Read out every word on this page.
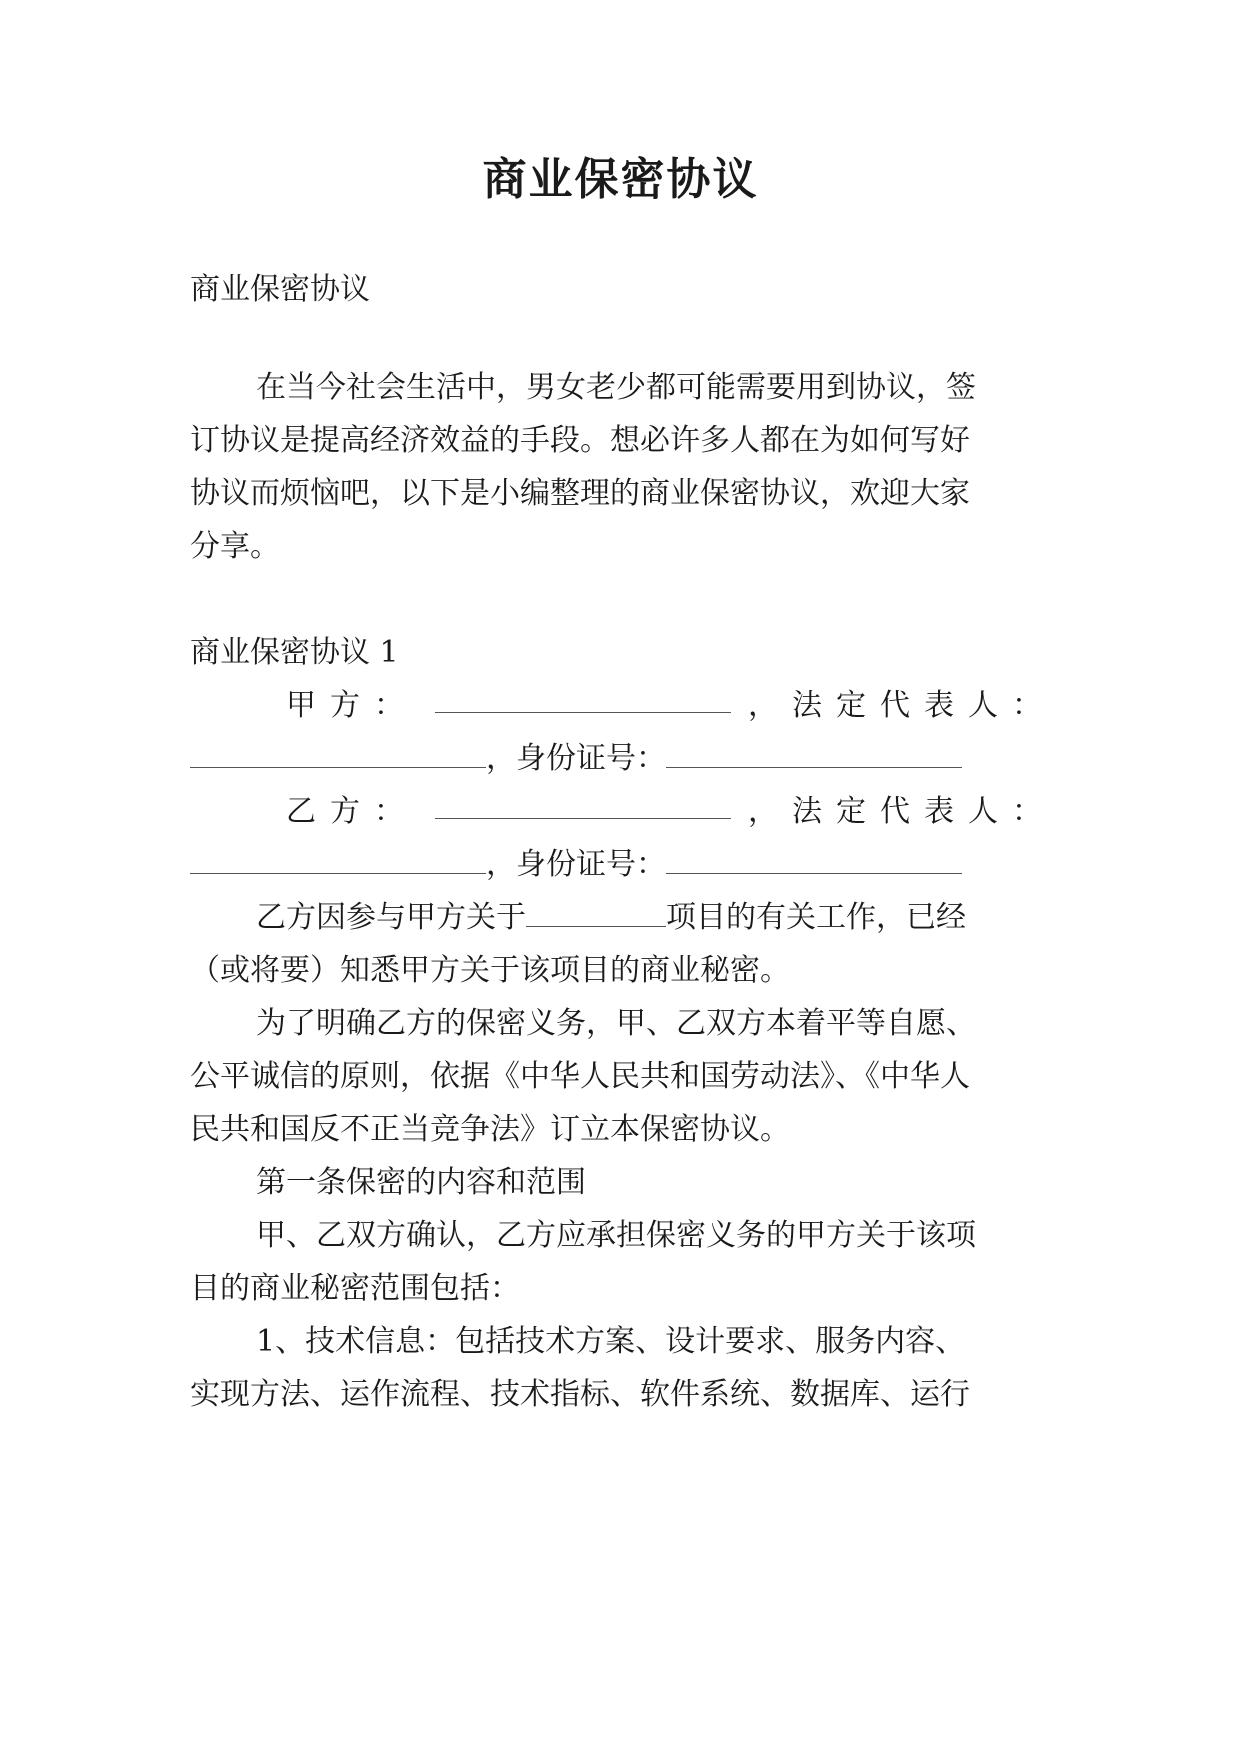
商业保密协议
商业保密协议
在当今社会生活中，男女老少都可能需要用到协议，签
订协议是提高经济效益的手段。想必许多人都在为如何写好
协议而烦恼吧，以下是小编整理的商业保密协议，欢迎大家
分享。
商业保密协议 1
甲方：	，法定代表人：
，身份证号：
乙方：	，法定代表人：
，身份证号：
乙方因参与甲方关于	项目的有关工作，已经
（或将要）知悉甲方关于该项目的商业秘密。
为了明确乙方的保密义务，甲、乙双方本着平等自愿、
公平诚信的原则，依据《中华人民共和国劳动法》、《中华人
民共和国反不正当竞争法》订立本保密协议。
第一条保密的内容和范围
甲、乙双方确认，乙方应承担保密义务的甲方关于该项
目的商业秘密范围包括：
1、技术信息：包括技术方案、设计要求、服务内容、
实现方法、运作流程、技术指标、软件系统、数据库、运行
